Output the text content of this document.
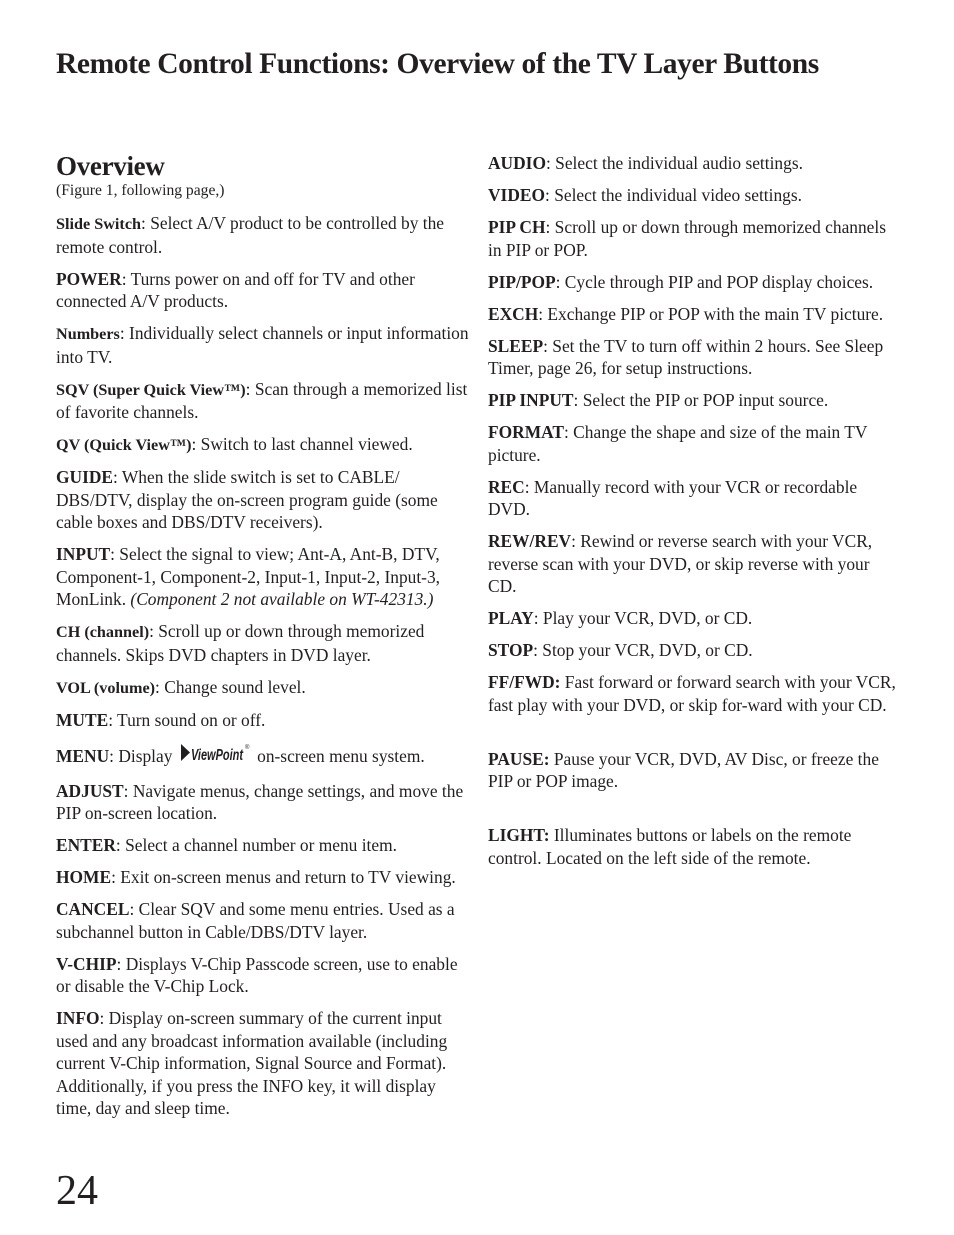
Remote Control Functions: Overview of the TV Layer Buttons
Overview
(Figure 1, following page,)

Slide Switch: Select A/V product to be controlled by the remote control.

POWER: Turns power on and off for TV and other connected A/V products.

Numbers: Individually select channels or input information into TV.

SQV (Super Quick View™): Scan through a memorized list of favorite channels.

QV (Quick View™): Switch to last channel viewed.

GUIDE: When the slide switch is set to CABLE/ DBS/DTV, display the on-screen program guide (some cable boxes and DBS/DTV receivers).

INPUT: Select the signal to view; Ant-A, Ant-B, DTV, Component-1, Component-2, Input-1, Input-2, Input-3, MonLink. (Component 2 not available on WT-42313.)

CH (channel): Scroll up or down through memorized channels. Skips DVD chapters in DVD layer.

VOL (volume): Change sound level.

MUTE: Turn sound on or off.

MENU: Display ViewPoint ® on-screen menu system.

ADJUST: Navigate menus, change settings, and move the PIP on-screen location.

ENTER: Select a channel number or menu item.

HOME: Exit on-screen menus and return to TV viewing.

CANCEL: Clear SQV and some menu entries. Used as a subchannel button in Cable/DBS/DTV layer.

V-CHIP: Displays V-Chip Passcode screen, use to enable or disable the V-Chip Lock.

INFO: Display on-screen summary of the current input used and any broadcast information available (including current V-Chip information, Signal Source and Format). Additionally, if you press the INFO key, it will display time, day and sleep time.

AUDIO: Select the individual audio settings.

VIDEO: Select the individual video settings.

PIP CH: Scroll up or down through memorized channels in PIP or POP.

PIP/POP: Cycle through PIP and POP display choices.

EXCH: Exchange PIP or POP with the main TV picture.

SLEEP: Set the TV to turn off within 2 hours. See Sleep Timer, page 26, for setup instructions.

PIP INPUT: Select the PIP or POP input source.

FORMAT: Change the shape and size of the main TV picture.

REC: Manually record with your VCR or recordable DVD.

REW/REV: Rewind or reverse search with your VCR, reverse scan with your DVD, or skip reverse with your CD.

PLAY: Play your VCR, DVD, or CD.

STOP: Stop your VCR, DVD, or CD.

FF/FWD: Fast forward or forward search with your VCR, fast play with your DVD, or skip for-ward with your CD.

PAUSE: Pause your VCR, DVD, AV Disc, or freeze the PIP or POP image.

LIGHT: Illuminates buttons or labels on the remote control. Located on the left side of the remote.

24
